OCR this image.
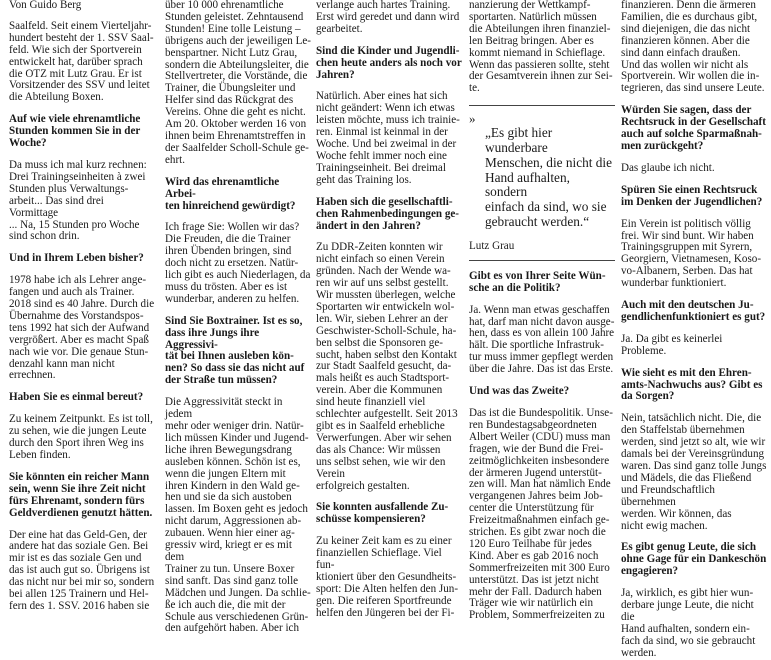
Von Guido Berg

Saalfeld. Seit einem Vierteljahr-
hundert besteht der 1. SSV Saal-
feld. Wie sich der Sportverein
entwickelt hat, darüber sprach
die OTZ mit Lutz Grau. Er ist
Vorsitzender des SSV und leitet
die Abteilung Boxen.

Auf wie viele ehrenamtliche
Stunden kommen Sie in der
Woche?

Da muss ich mal kurz rechnen:
Drei Trainingseinheiten à zwei
Stunden plus Verwaltungs-
arbeit... Das sind drei Vormittage
... Na, 15 Stunden pro Woche
sind schon drin.

Und in Ihrem Leben bisher?

1978 habe ich als Lehrer ange-
fangen und auch als Trainer.
2018 sind es 40 Jahre. Durch die
Übernahme des Vorstandspos-
tens 1992 hat sich der Aufwand
vergrößert. Aber es macht Spaß
nach wie vor. Die genaue Stun-
denzahl kann man nicht errechnen.

Haben Sie es einmal bereut?

Zu keinem Zeitpunkt. Es ist toll,
zu sehen, wie die jungen Leute
durch den Sport ihren Weg ins
Leben finden.

Sie könnten ein reicher Mann
sein, wenn Sie ihre Zeit nicht
fürs Ehrenamt, sondern fürs
Geldverdienen genutzt hätten.

Der eine hat das Geld-Gen, der
andere hat das soziale Gen. Bei
mir ist es das soziale Gen und
das ist auch gut so. Übrigens ist
das nicht nur bei mir so, sondern
bei allen 125 Trainern und Hel-
fern des 1. SSV. 2016 haben sie

über 10 000 ehrenamtliche
Stunden geleistet. Zehntausend
Stunden! Eine tolle Leistung –
übrigens auch der jeweiligen Le-
benspartner. Nicht Lutz Grau,
sondern die Abteilungsleiter, die
Stellvertreter, die Vorstände, die
Trainer, die Übungsleiter und
Helfer sind das Rückgrat des
Vereins. Ohne die geht es nicht.
Am 20. Oktober werden 16 von
ihnen beim Ehrenamtstreffen in
der Saalfelder Scholl-Schule ge-
ehrt.

Wird das ehrenamtliche Arbei-
ten hinreichend gewürdigt?

Ich frage Sie: Wollen wir das?
Die Freuden, die die Trainer
ihren Übenden bringen, sind
doch nicht zu ersetzen. Natür-
lich gibt es auch Niederlagen, da
muss du trösten. Aber es ist
wunderbar, anderen zu helfen.

Sind Sie Boxtrainer. Ist es so,
dass ihre Jungs ihre Aggressivi-
tät bei Ihnen ausleben kön-
nen? So dass sie das nicht auf
der Straße tun müssen?

Die Aggressivität steckt in jedem
mehr oder weniger drin. Natür-
lich müssen Kinder und Jugend-
liche ihren Bewegungsdrang
ausleben können. Schön ist es,
wenn die jungen Eltern mit
ihren Kindern in den Wald ge-
hen und sie da sich austoben
lassen. Im Boxen geht es jedoch
nicht darum, Aggressionen ab-
zubauen. Wenn hier einer ag-
gressiv wird, kriegt er es mit dem
Trainer zu tun. Unsere Boxer
sind sanft. Das sind ganz tolle
Mädchen und Jungen. Da schlie-
ße ich auch die, die mit der
Schule aus verschiedenen Grün-
den aufgehört haben. Aber ich

verlange auch hartes Training.
Erst wird geredet und dann wird
gearbeitet.

Sind die Kinder und Jugendli-
chen heute anders als noch vor
Jahren?

Natürlich. Aber eines hat sich
nicht geändert: Wenn ich etwas
leisten möchte, muss ich trainie-
ren. Einmal ist keinmal in der
Woche. Und bei zweimal in der
Woche fehlt immer noch eine
Trainingseinheit. Bei dreimal
geht das Training los.

Haben sich die gesellschaftli-
chen Rahmenbedingungen ge-
ändert in den Jahren?

Zu DDR-Zeiten konnten wir
nicht einfach so einen Verein
gründen. Nach der Wende wa-
ren wir auf uns selbst gestellt.
Wir mussten überlegen, welche
Sportarten wir entwickeln wol-
len. Wir, sieben Lehrer an der
Geschwister-Scholl-Schule, ha-
ben selbst die Sponsoren ge-
sucht, haben selbst den Kontakt
zur Stadt Saalfeld gesucht, da-
mals heißt es auch Stadtsport-
verein. Aber die Kommunen
sind heute finanziell viel
schlechter aufgestellt. Seit 2013
gibt es in Saalfeld erhebliche
Verwerfungen. Aber wir sehen
das als Chance: Wir müssen
uns selbst sehen, wie wir den Verein
erfolgreich gestalten.

Sie konnten ausfallende Zu-
schüsse kompensieren?

Zu keiner Zeit kam es zu einer
finanziellen Schieflage. Viel fun-
ktioniert über den Gesundheits-
sport: Die Alten helfen den Jun-
gen. Die reiferen Sportfreunde
helfen den Jüngeren bei der Fi-

nanzierung der Wettkampf-
sportarten. Natürlich müssen
die Abteilungen ihren finanziel-
len Beitrag bringen. Aber es
kommt niemand in Schieflage.
Wenn das passieren sollte, steht
der Gesamtverein ihnen zur Sei-
te.

»
„Es gibt hier wunderbare
Menschen, die nicht die
Hand aufhalten, sondern
einfach da sind, wo sie
gebraucht werden.“
Lutz Grau

Gibt es von Ihrer Seite Wün-
sche an die Politik?

Ja. Wenn man etwas geschaffen
hat, darf man nicht davon ausge-
hen, dass es von allein 100 Jahre
hält. Die sportliche Infrastruk-
tur muss immer gepflegt werden
über die Jahre. Das ist das Erste.

Und was das Zweite?

Das ist die Bundespolitik. Unse-
ren Bundestagsabgeordneten
Albert Weiler (CDU) muss man
fragen, wie der Bund die Frei-
zeitmöglichkeiten insbesondere
der ärmeren Jugend unterstüt-
zen will. Man hat nämlich Ende
vergangenen Jahres beim Job-
center die Unterstützung für
Freizeitmaßnahmen einfach ge-
strichen. Es gibt zwar noch die
120 Euro Teilhabe für jedes
Kind. Aber es gab 2016 noch
Sommerfreizeiten mit 300 Euro
unterstützt. Das ist jetzt nicht
mehr der Fall. Dadurch haben
Träger wie wir natürlich ein
Problem, Sommerfreizeiten zu

finanzieren. Denn die ärmeren
Familien, die es durchaus gibt,
sind diejenigen, die das nicht
finanzieren können. Aber die
sind dann einfach draußen.
Und das wollen wir nicht als
Sportverein. Wir wollen die in-
tegrieren, das sind unsere Leute.

Würden Sie sagen, dass der
Rechtsruck in der Gesellschaft
auch auf solche Sparmaßnah-
men zurückgeht?

Das glaube ich nicht.

Spüren Sie einen Rechtsruck
im Denken der Jugendlichen?

Ein Verein ist politisch völlig
frei. Wir sind bunt. Wir haben
Trainingsgruppen mit Syrern,
Georgiern, Vietnamesen, Koso-
vo-Albanern, Serben. Das hat
wunderbar funktioniert.

Auch mit den deutschen Ju-
gendlichenfunktioniert es gut?

Ja. Da gibt es keinerlei Probleme.

Wie sieht es mit den Ehren-
amts-Nachwuchs aus? Gibt es
da Sorgen?

Nein, tatsächlich nicht. Die, die
den Staffelstab übernehmen
werden, sind jetzt so alt, wie wir
damals bei der Vereinsgründung
waren. Das sind ganz tolle Jungs
und Mädels, die das Fließend
und Freundschaftlich übernehmen
werden. Wir können, das
nicht ewig machen.

Es gibt genug Leute, die sich
ohne Gage für ein Dankeschön
engagieren?

Ja, wirklich, es gibt hier wun-
derbare junge Leute, die nicht die
Hand aufhalten, sondern ein-
fach da sind, wo sie gebraucht
werden.
